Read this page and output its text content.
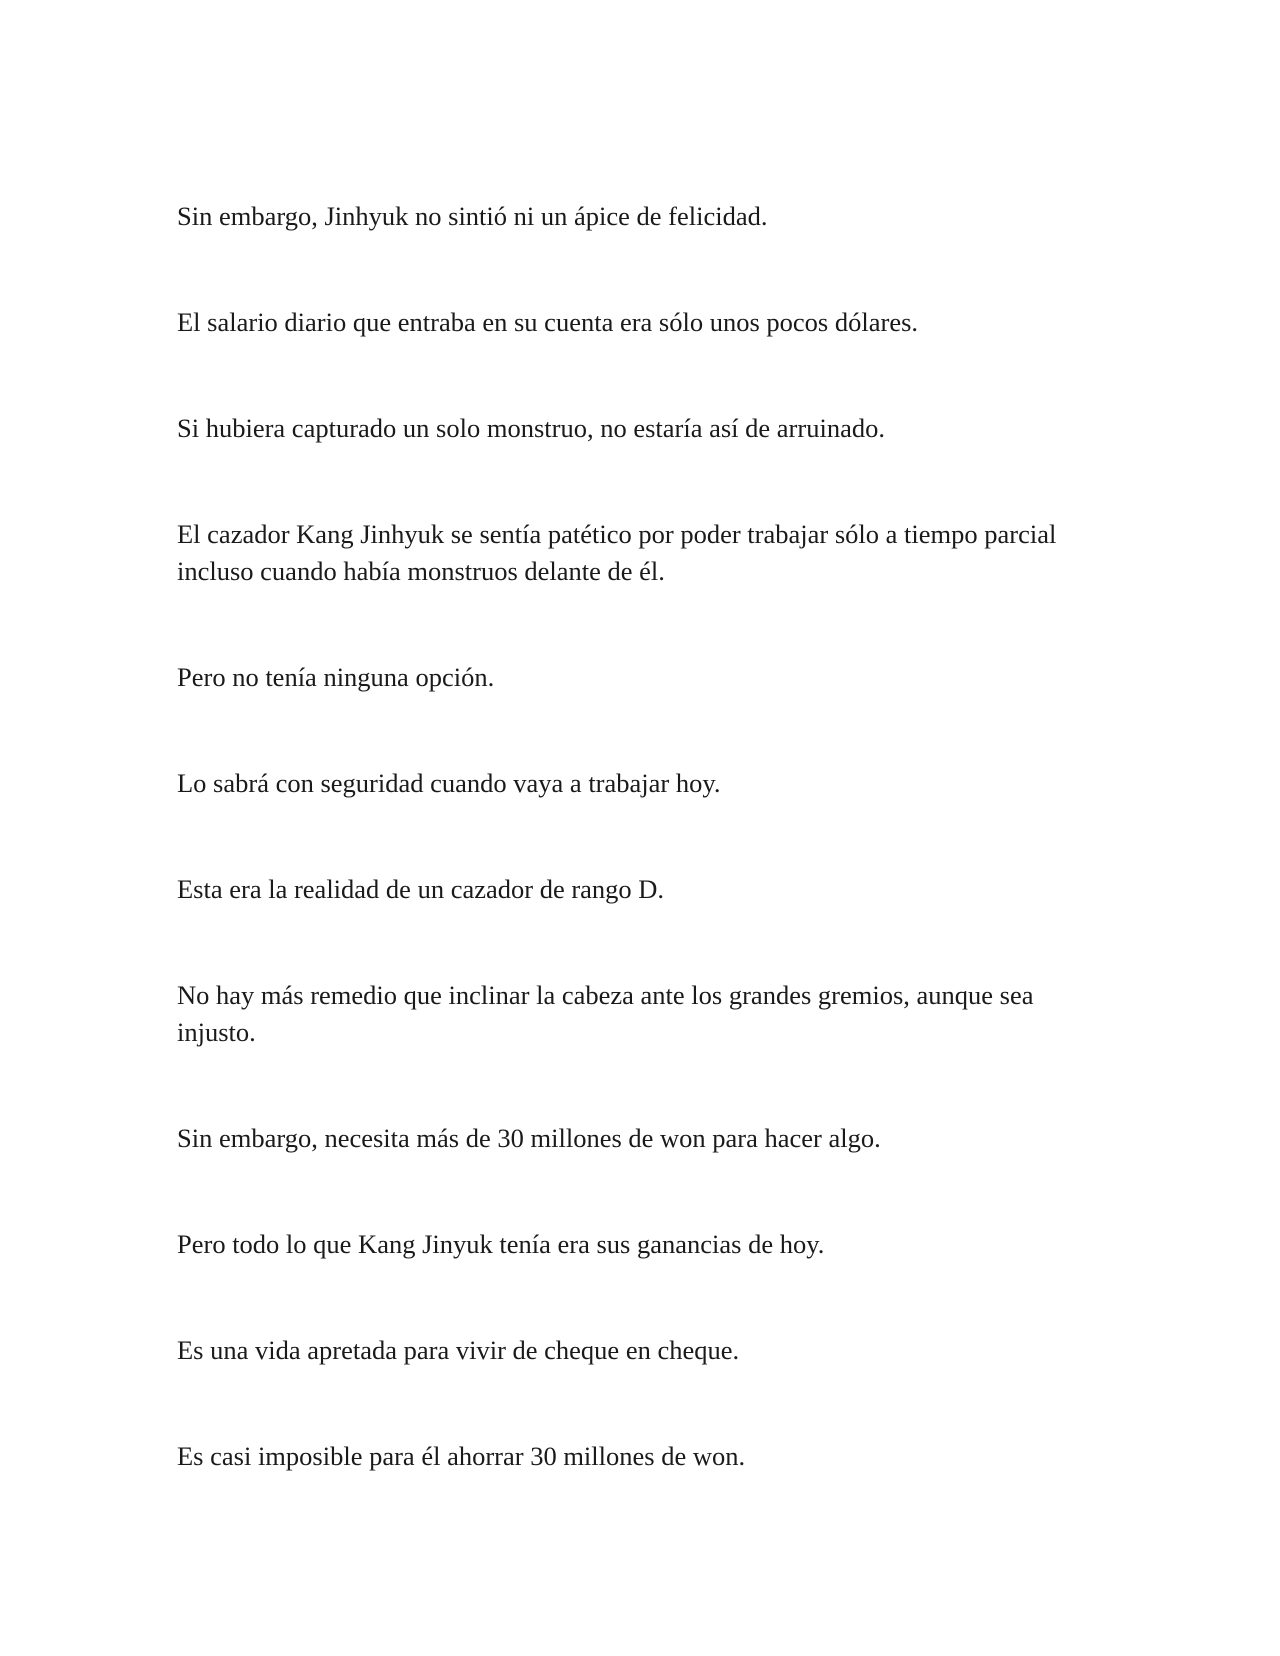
Sin embargo, Jinhyuk no sintió ni un ápice de felicidad.

El salario diario que entraba en su cuenta era sólo unos pocos dólares.

Si hubiera capturado un solo monstruo, no estaría así de arruinado.

El cazador Kang Jinhyuk se sentía patético por poder trabajar sólo a tiempo parcial incluso cuando había monstruos delante de él.

Pero no tenía ninguna opción.

Lo sabrá con seguridad cuando vaya a trabajar hoy.

Esta era la realidad de un cazador de rango D.

No hay más remedio que inclinar la cabeza ante los grandes gremios, aunque sea injusto.

Sin embargo, necesita más de 30 millones de won para hacer algo.

Pero todo lo que Kang Jinyuk tenía era sus ganancias de hoy.

Es una vida apretada para vivir de cheque en cheque.

Es casi imposible para él ahorrar 30 millones de won.
